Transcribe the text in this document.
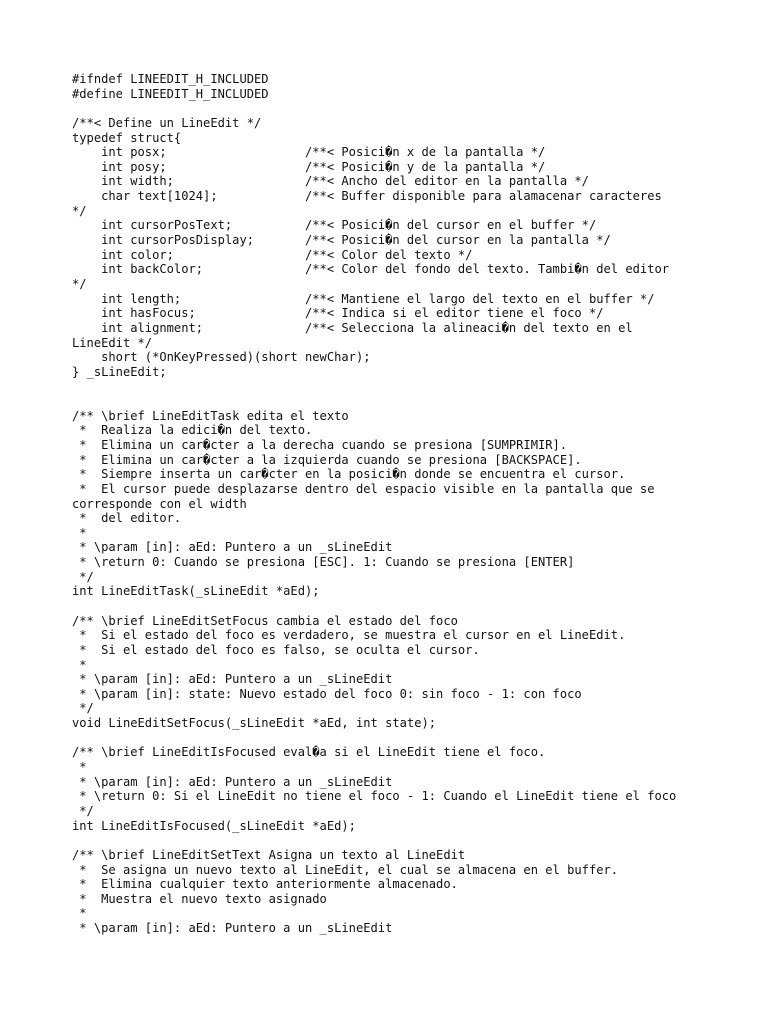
#ifndef LINEEDIT_H_INCLUDED
#define LINEEDIT_H_INCLUDED
/**< Define un LineEdit */
typedef struct{
int posx;                   /**< Posici�n x de la pantalla */
int posy;                   /**< Posici�n y de la pantalla */
int width;                  /**< Ancho del editor en la pantalla */
char text[1024];            /**< Buffer disponible para alamacenar caracteres
*/
int cursorPosText;          /**< Posici�n del cursor en el buffer */
int cursorPosDisplay;       /**< Posici�n del cursor en la pantalla */
int color;                  /**< Color del texto */
int backColor;              /**< Color del fondo del texto. Tambi�n del editor
*/
int length;                 /**< Mantiene el largo del texto en el buffer */
int hasFocus;               /**< Indica si el editor tiene el foco */
int alignment;              /**< Selecciona la alineaci�n del texto en el
LineEdit */
short (*OnKeyPressed)(short newChar);
} _sLineEdit;
/** \brief LineEditTask edita el texto
*  Realiza la edici�n del texto.
*  Elimina un car�cter a la derecha cuando se presiona [SUMPRIMIR].
*  Elimina un car�cter a la izquierda cuando se presiona [BACKSPACE].
*  Siempre inserta un car�cter en la posici�n donde se encuentra el cursor.
*  El cursor puede desplazarse dentro del espacio visible en la pantalla que se
corresponde con el width
*  del editor.
*
* \param [in]: aEd: Puntero a un _sLineEdit
* \return 0: Cuando se presiona [ESC]. 1: Cuando se presiona [ENTER]
*/
int LineEditTask(_sLineEdit *aEd);
/** \brief LineEditSetFocus cambia el estado del foco
*  Si el estado del foco es verdadero, se muestra el cursor en el LineEdit.
*  Si el estado del foco es falso, se oculta el cursor.
*
* \param [in]: aEd: Puntero a un _sLineEdit
* \param [in]: state: Nuevo estado del foco 0: sin foco - 1: con foco
*/
void LineEditSetFocus(_sLineEdit *aEd, int state);
/** \brief LineEditIsFocused eval�a si el LineEdit tiene el foco.
*
* \param [in]: aEd: Puntero a un _sLineEdit
* \return 0: Si el LineEdit no tiene el foco - 1: Cuando el LineEdit tiene el foco
*/
int LineEditIsFocused(_sLineEdit *aEd);
/** \brief LineEditSetText Asigna un texto al LineEdit
*  Se asigna un nuevo texto al LineEdit, el cual se almacena en el buffer.
*  Elimina cualquier texto anteriormente almacenado.
*  Muestra el nuevo texto asignado
*
* \param [in]: aEd: Puntero a un _sLineEdit
